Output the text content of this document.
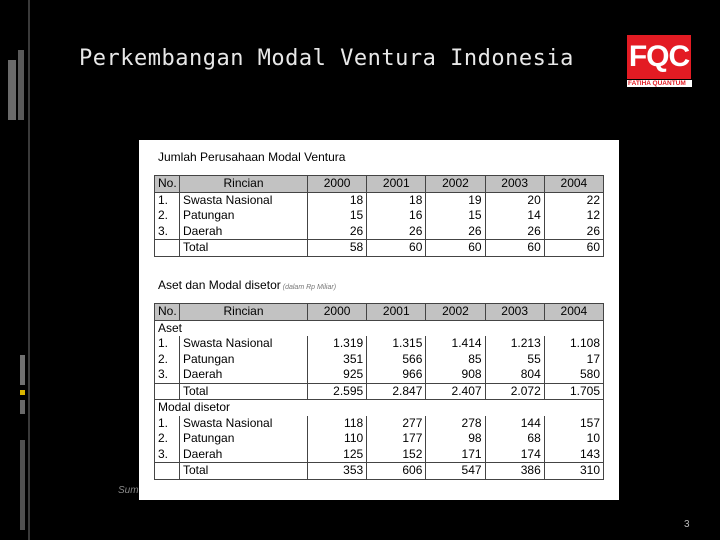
Perkembangan Modal Ventura Indonesia FQC
FATIHA QUANTUM
Jumlah Perusahaan Modal Ventura
No.	Rincian	2000	2001	2002	2003	2004
1.	Swasta Nasional	18	18	19	20	22
2.	Patungan	15	16	15	14	12
3.	Daerah	26	26	26	26	26
	Total	58	60	60	60	60
Aset dan Modal disetor (dalam Rp Miliar)
No.	Rincian	2000	2001	2002	2003	2004
Aset						
1.	Swasta Nasional	1.319	1.315	1.414	1.213	1.108
2.	Patungan	351	566	85	55	17
3.	Daerah	925	966	908	804	580
	Total	2.595	2.847	2.407	2.072	1.705
Modal disetor						
1.	Swasta Nasional	118	277	278	144	157
2.	Patungan	110	177	98	68	10
3.	Daerah	125	152	171	174	143
	Total	353	606	547	386	310
Sum
3
